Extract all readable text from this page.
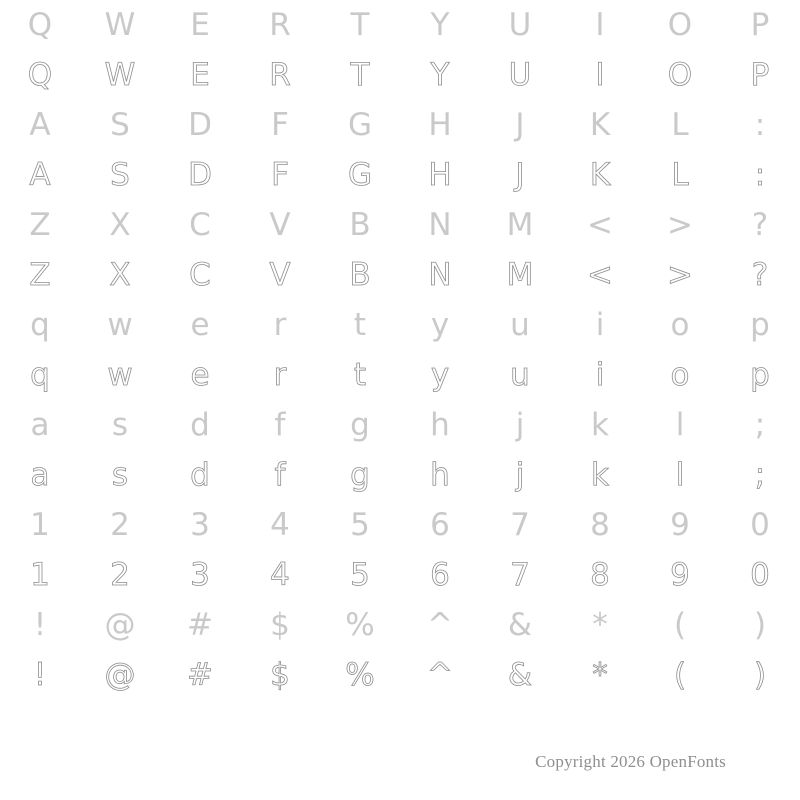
Q W E R T Y U I O P
Q W E R T Y U I O P
A S D F G H J K L :
A S D F G H J K L :
Z X C V B N M < > ?
Z X C V B N M < > ?
q w e r t y u i o p
q w e r t y u i o p
a s d f g h j k l ;
a s d f g h j k l ;
1 2 3 4 5 6 7 8 9 0
1 2 3 4 5 6 7 8 9 0
! @ # $ % ^ & * ( )
! @ # $ % ^ & * ( )
Copyright 2026 OpenFonts
